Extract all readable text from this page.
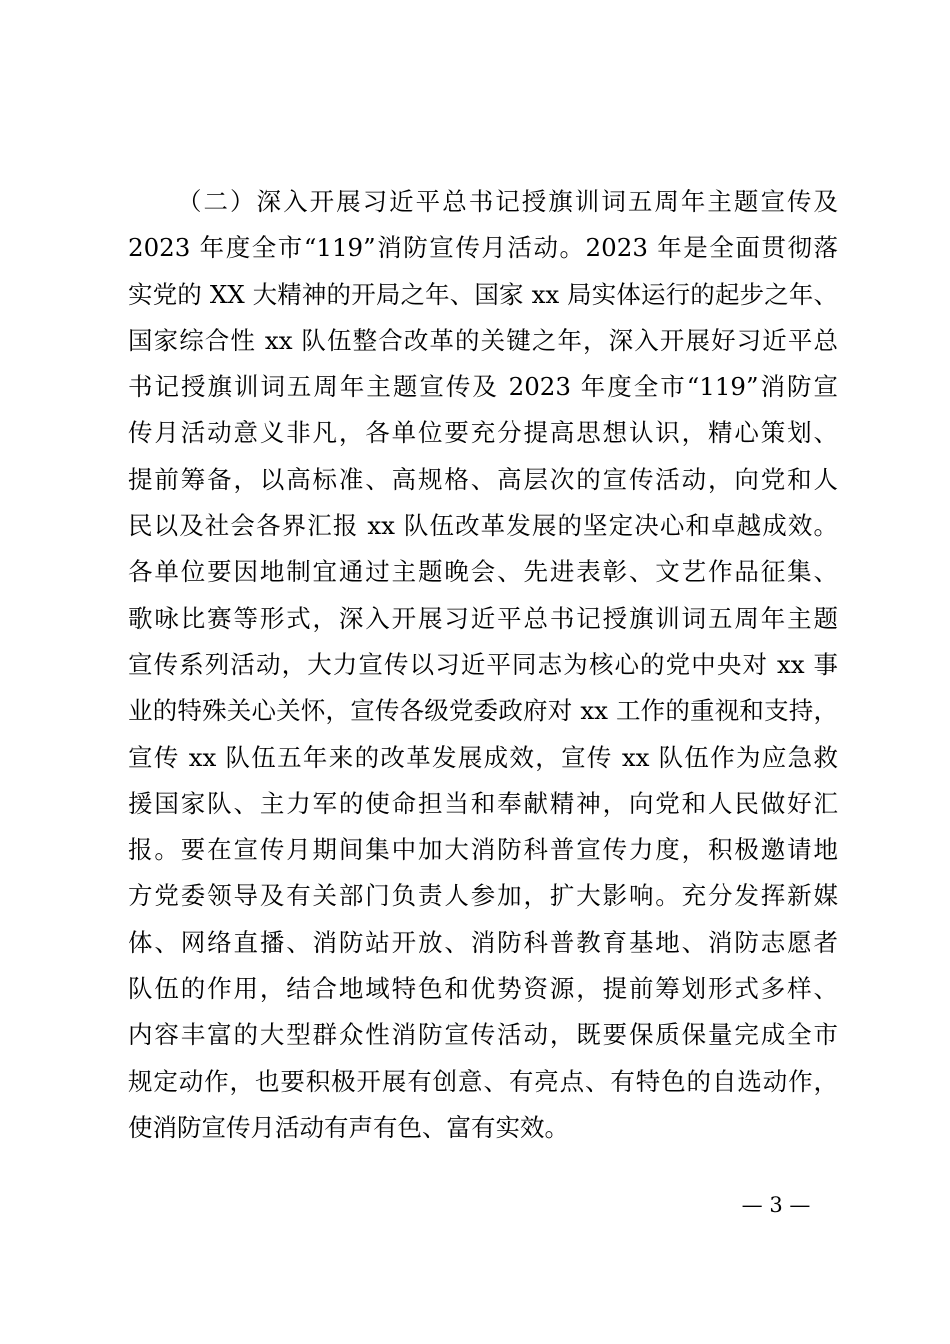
（二）深入开展习近平总书记授旗训词五周年主题宣传及
2023 年度全市“119”消防宣传月活动。2023 年是全面贯彻落
实党的 XX 大精神的开局之年、国家 xx 局实体运行的起步之年、
国家综合性 xx 队伍整合改革的关键之年，深入开展好习近平总
书记授旗训词五周年主题宣传及 2023 年度全市“119”消防宣
传月活动意义非凡，各单位要充分提高思想认识，精心策划、
提前筹备，以高标准、高规格、高层次的宣传活动，向党和人
民以及社会各界汇报 xx 队伍改革发展的坚定决心和卓越成效。
各单位要因地制宜通过主题晚会、先进表彰、文艺作品征集、
歌咏比赛等形式，深入开展习近平总书记授旗训词五周年主题
宣传系列活动，大力宣传以习近平同志为核心的党中央对 xx 事
业的特殊关心关怀，宣传各级党委政府对 xx 工作的重视和支持，
宣传 xx 队伍五年来的改革发展成效，宣传 xx 队伍作为应急救
援国家队、主力军的使命担当和奉献精神，向党和人民做好汇
报。要在宣传月期间集中加大消防科普宣传力度，积极邀请地
方党委领导及有关部门负责人参加，扩大影响。充分发挥新媒
体、网络直播、消防站开放、消防科普教育基地、消防志愿者
队伍的作用，结合地域特色和优势资源，提前筹划形式多样、
内容丰富的大型群众性消防宣传活动，既要保质保量完成全市
规定动作，也要积极开展有创意、有亮点、有特色的自选动作，
使消防宣传月活动有声有色、富有实效。
— 3 —
